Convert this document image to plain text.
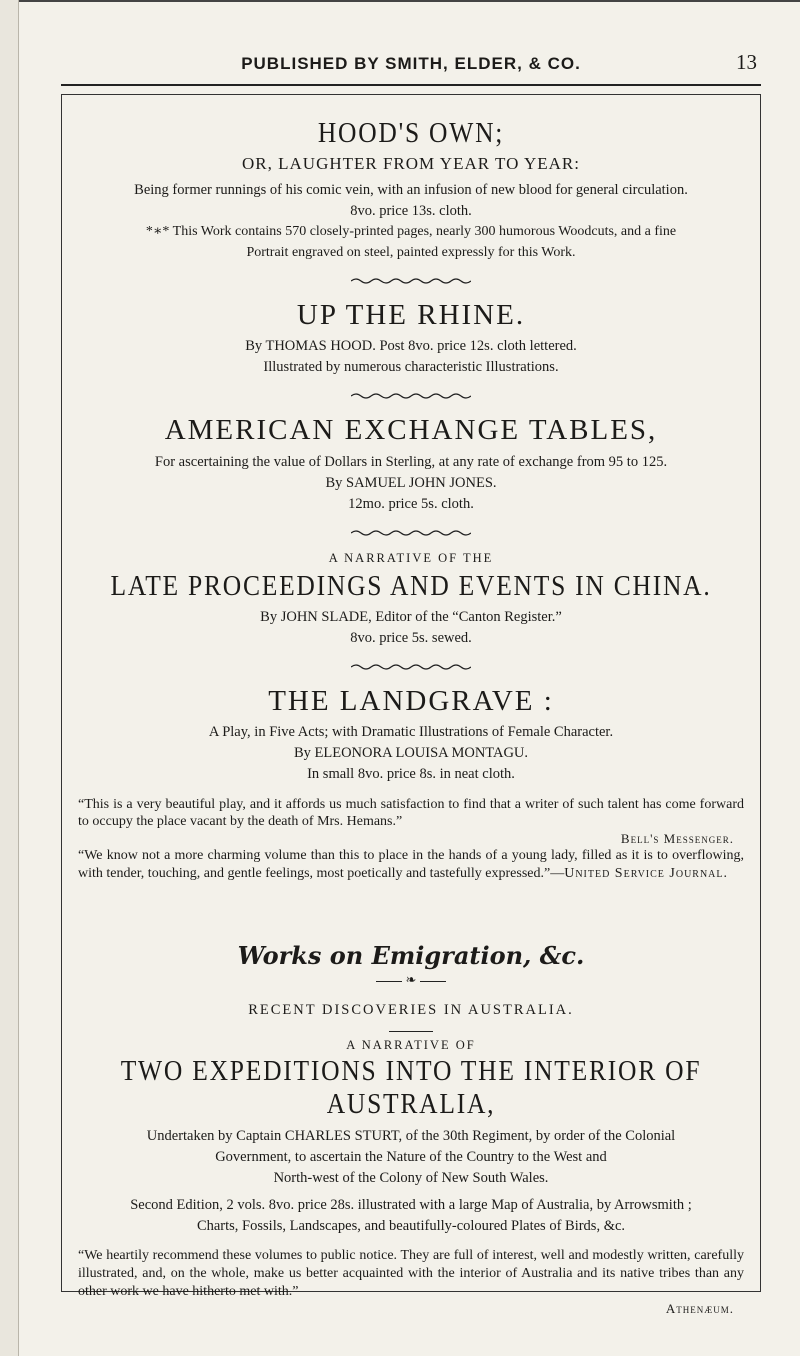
PUBLISHED BY SMITH, ELDER, & CO.	13
HOOD'S OWN;
OR, LAUGHTER FROM YEAR TO YEAR:

Being former runnings of his comic vein, with an infusion of new blood for general circulation.

8vo. price 13s. cloth.

*∗* This Work contains 570 closely-printed pages, nearly 300 humorous Woodcuts, and a fine

Portrait engraved on steel, painted expressly for this Work.

UP THE RHINE.

By THOMAS HOOD. Post 8vo. price 12s. cloth lettered.

Illustrated by numerous characteristic Illustrations.

AMERICAN EXCHANGE TABLES,

For ascertaining the value of Dollars in Sterling, at any rate of exchange from 95 to 125.

By SAMUEL JOHN JONES.

12mo. price 5s. cloth.

A NARRATIVE OF THE
LATE PROCEEDINGS AND EVENTS IN CHINA.

By JOHN SLADE, Editor of the “Canton Register.”

8vo. price 5s. sewed.

THE LANDGRAVE :

A Play, in Five Acts; with Dramatic Illustrations of Female Character.

By ELEONORA LOUISA MONTAGU.

In small 8vo. price 8s. in neat cloth.

“This is a very beautiful play, and it affords us much satisfaction to find that a writer of such talent has come forward to occupy the place vacant by the death of Mrs. Hemans.”

Bell's Messenger.

“We know not a more charming volume than this to place in the hands of a young lady, filled as it is to overflowing, with tender, touching, and gentle feelings, most poetically and tastefully expressed.”—United Service Journal.

Works on Emigration, &c.
❧
RECENT DISCOVERIES IN AUSTRALIA.
A NARRATIVE OF
TWO EXPEDITIONS INTO THE INTERIOR OF AUSTRALIA,

Undertaken by Captain CHARLES STURT, of the 30th Regiment, by order of the Colonial

Government, to ascertain the Nature of the Country to the West and

North-west of the Colony of New South Wales.

Second Edition, 2 vols. 8vo. price 28s. illustrated with a large Map of Australia, by Arrowsmith ;

Charts, Fossils, Landscapes, and beautifully-coloured Plates of Birds, &c.

“We heartily recommend these volumes to public notice. They are full of interest, well and modestly written, carefully illustrated, and, on the whole, make us better acquainted with the interior of Australia and its native tribes than any other work we have hitherto met with.”

Athenæum.
